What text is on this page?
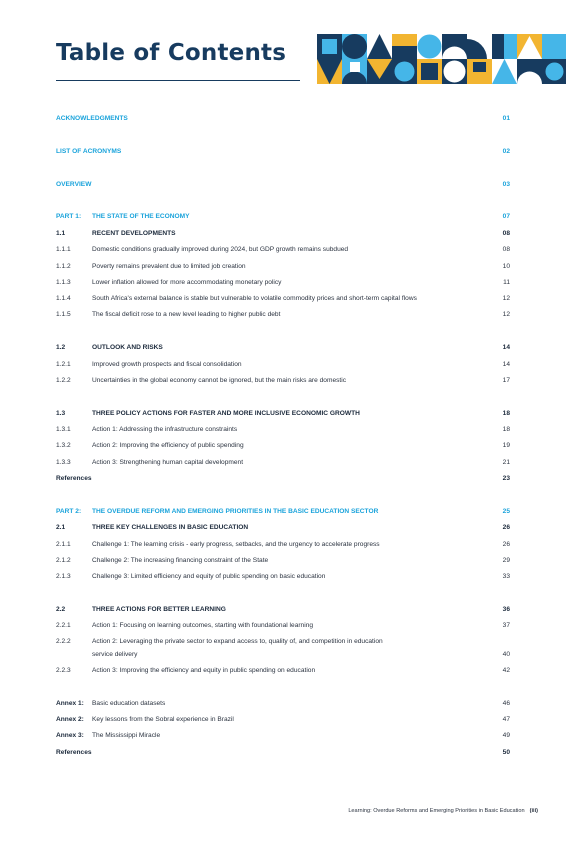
Table of Contents
ACKNOWLEDGMENTS	01
LIST OF ACRONYMS	02
OVERVIEW	03
PART 1: THE STATE OF THE ECONOMY	07
1.1	RECENT DEVELOPMENTS	08
1.1.1	Domestic conditions gradually improved during 2024, but GDP growth remains subdued	08
1.1.2	Poverty remains prevalent due to limited job creation	10
1.1.3	Lower inflation allowed for more accommodating monetary policy	11
1.1.4	South Africa's external balance is stable but vulnerable to volatile commodity prices and short-term capital flows	12
1.1.5	The fiscal deficit rose to a new level leading to higher public debt	12
1.2	OUTLOOK AND RISKS	14
1.2.1	Improved growth prospects and fiscal consolidation	14
1.2.2	Uncertainties in the global economy cannot be ignored, but the main risks are domestic	17
1.3	THREE POLICY ACTIONS FOR FASTER AND MORE INCLUSIVE ECONOMIC GROWTH	18
1.3.1	Action 1: Addressing the infrastructure constraints	18
1.3.2	Action 2: Improving the efficiency of public spending	19
1.3.3	Action 3: Strengthening human capital development	21
References	23
PART 2: THE OVERDUE REFORM AND EMERGING PRIORITIES IN THE BASIC EDUCATION SECTOR	25
2.1	THREE KEY CHALLENGES IN BASIC EDUCATION	26
2.1.1	Challenge 1: The learning crisis - early progress, setbacks, and the urgency to accelerate progress	26
2.1.2	Challenge 2: The increasing financing constraint of the State	29
2.1.3	Challenge 3: Limited efficiency and equity of public spending on basic education	33
2.2	THREE ACTIONS FOR BETTER LEARNING	36
2.2.1	Action 1: Focusing on learning outcomes, starting with foundational learning	37
2.2.2	Action 2: Leveraging the private sector to expand access to, quality of, and competition in education
service delivery	40
2.2.3	Action 3: Improving the efficiency and equity in public spending on education	42
Annex 1: Basic education datasets	46
Annex 2: Key lessons from the Sobral experience in Brazil	47
Annex 3: The Mississippi Miracle	49
References	50
Learning: Overdue Reforms and Emerging Priorities in Basic Education (iii)
